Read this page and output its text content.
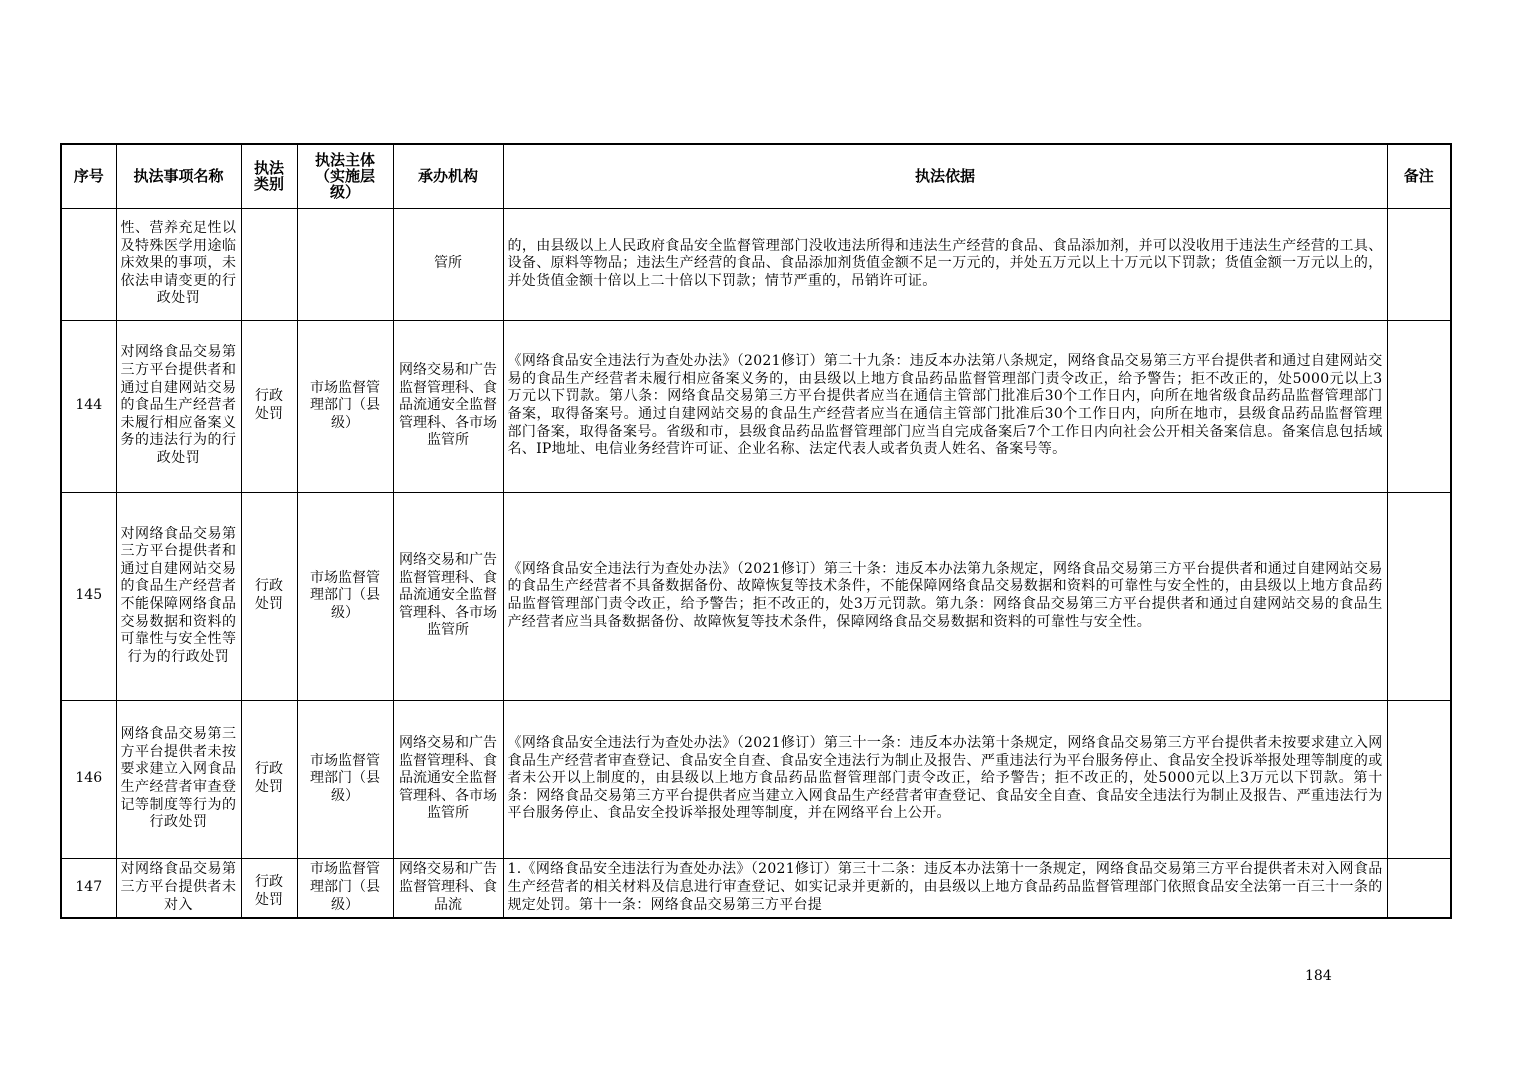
序号	执法事项名称	执法类别	执法主体（实施层级）	承办机构	执法依据	备注
	性、营养充足性以及特殊医学用途临床效果的事项，未依法申请变更的行政处罚			管所	的，由县级以上人民政府食品安全监督管理部门没收违法所得和违法生产经营的食品、食品添加剂，并可以没收用于违法生产经营的工具、设备、原料等物品；违法生产经营的食品、食品添加剂货值金额不足一万元的，并处五万元以上十万元以下罚款；货值金额一万元以上的，并处货值金额十倍以上二十倍以下罚款；情节严重的，吊销许可证。	
144	对网络食品交易第三方平台提供者和通过自建网站交易的食品生产经营者未履行相应备案义务的违法行为的行政处罚	行政处罚	市场监督管理部门（县级）	网络交易和广告监督管理科、食品流通安全监督管理科、各市场监管所	《网络食品安全违法行为查处办法》（2021修订）第二十九条：违反本办法第八条规定，网络食品交易第三方平台提供者和通过自建网站交易的食品生产经营者未履行相应备案义务的，由县级以上地方食品药品监督管理部门责令改正，给予警告；拒不改正的，处5000元以上3万元以下罚款。第八条：网络食品交易第三方平台提供者应当在通信主管部门批准后30个工作日内，向所在地省级食品药品监督管理部门备案，取得备案号。通过自建网站交易的食品生产经营者应当在通信主管部门批准后30个工作日内，向所在地市，县级食品药品监督管理部门备案，取得备案号。省级和市，县级食品药品监督管理部门应当自完成备案后7个工作日内向社会公开相关备案信息。备案信息包括域名、IP地址、电信业务经营许可证、企业名称、法定代表人或者负责人姓名、备案号等。	
145	对网络食品交易第三方平台提供者和通过自建网站交易的食品生产经营者不能保障网络食品交易数据和资料的可靠性与安全性等行为的行政处罚	行政处罚	市场监督管理部门（县级）	网络交易和广告监督管理科、食品流通安全监督管理科、各市场监管所	《网络食品安全违法行为查处办法》（2021修订）第三十条：违反本办法第九条规定，网络食品交易第三方平台提供者和通过自建网站交易的食品生产经营者不具备数据备份、故障恢复等技术条件，不能保障网络食品交易数据和资料的可靠性与安全性的，由县级以上地方食品药品监督管理部门责令改正，给予警告；拒不改正的，处3万元罚款。第九条：网络食品交易第三方平台提供者和通过自建网站交易的食品生产经营者应当具备数据备份、故障恢复等技术条件，保障网络食品交易数据和资料的可靠性与安全性。	
146	网络食品交易第三方平台提供者未按要求建立入网食品生产经营者审查登记等制度等行为的行政处罚	行政处罚	市场监督管理部门（县级）	网络交易和广告监督管理科、食品流通安全监督管理科、各市场监管所	《网络食品安全违法行为查处办法》（2021修订）第三十一条：违反本办法第十条规定，网络食品交易第三方平台提供者未按要求建立入网食品生产经营者审查登记、食品安全自查、食品安全违法行为制止及报告、严重违法行为平台服务停止、食品安全投诉举报处理等制度的或者未公开以上制度的，由县级以上地方食品药品监督管理部门责令改正，给予警告；拒不改正的，处5000元以上3万元以下罚款。第十条：网络食品交易第三方平台提供者应当建立入网食品生产经营者审查登记、食品安全自查、食品安全违法行为制止及报告、严重违法行为平台服务停止、食品安全投诉举报处理等制度，并在网络平台上公开。	
147	对网络食品交易第三方平台提供者未对入	行政处罚	市场监督管理部门（县级）	网络交易和广告监督管理科、食品流	1.《网络食品安全违法行为查处办法》（2021修订）第三十二条：违反本办法第十一条规定，网络食品交易第三方平台提供者未对入网食品生产经营者的相关材料及信息进行审查登记、如实记录并更新的，由县级以上地方食品药品监督管理部门依照食品安全法第一百三十一条的规定处罚。第十一条：网络食品交易第三方平台提	
184
